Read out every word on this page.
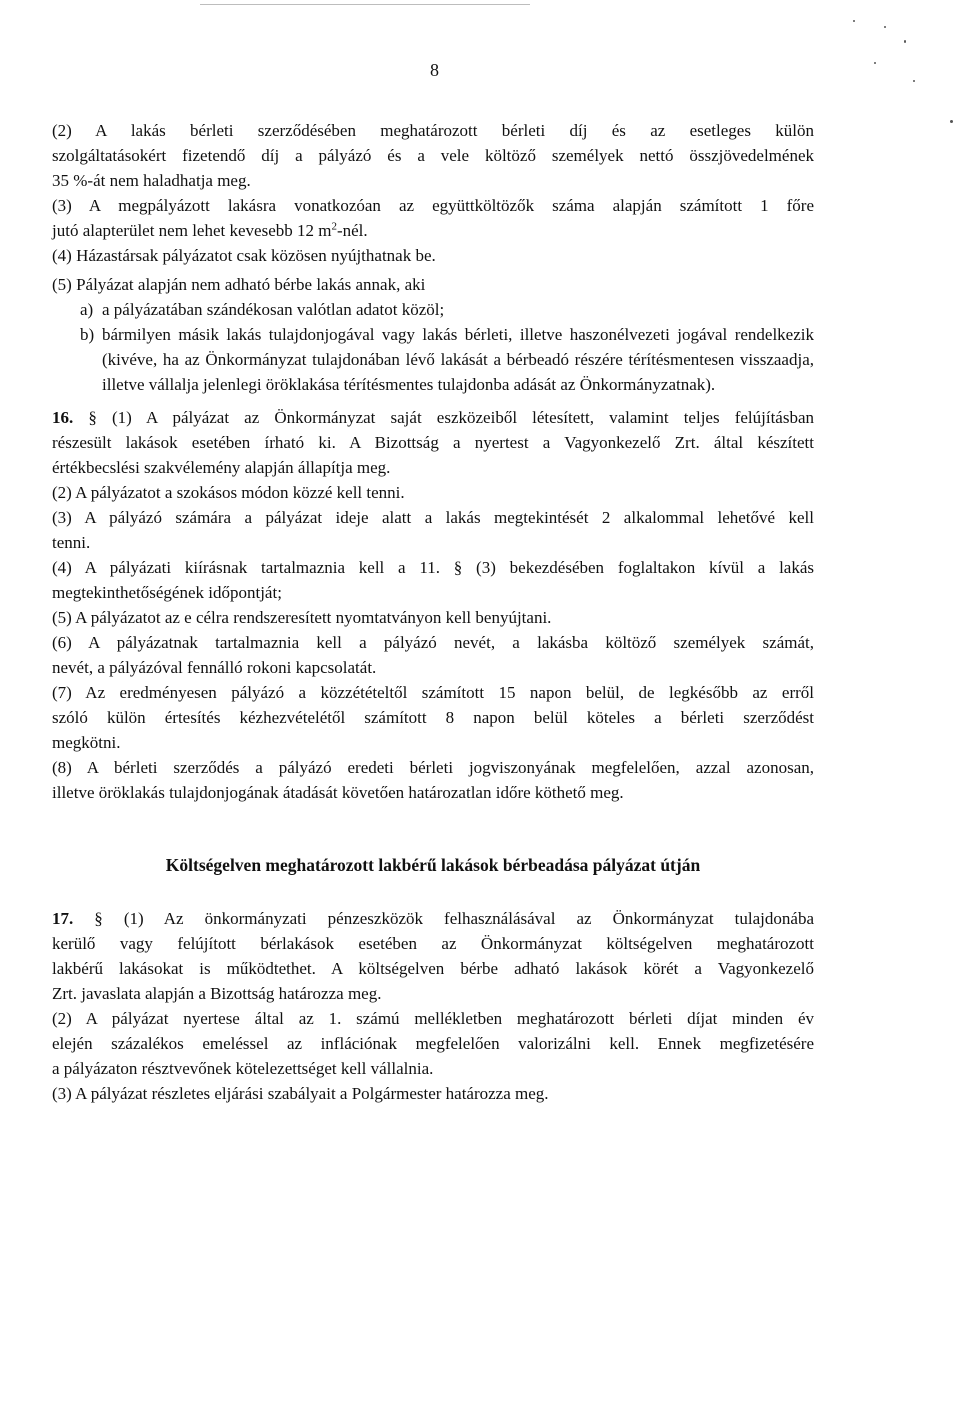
8

(2) A lakás bérleti szerződésében meghatározott bérleti díj és az esetleges külön

szolgáltatásokért fizetendő díj a pályázó és a vele költöző személyek nettó összjövedelmének

35 %-át nem haladhatja meg.

(3) A megpályázott lakásra vonatkozóan az együttköltözők száma alapján számított 1 főre

jutó alapterület nem lehet kevesebb 12 $m^2$-nél.

(4) Házastársak pályázatot csak közösen nyújthatnak be.

(5) Pályázat alapján nem adható bérbe lakás annak, aki

a) a pályázatában szándékosan valótlan adatot közöl;
b) bármilyen másik lakás tulajdonjogával vagy lakás bérleti, illetve haszonélvezeti jogával rendelkezik (kivéve, ha az Önkormányzat tulajdonában lévő lakását a bérbeadó részére térítésmentesen visszaadja, illetve vállalja jelenlegi öröklakása térítésmentes tulajdonba adását az Önkormányzatnak).

16. § (1) A pályázat az Önkormányzat saját eszközeiből létesített, valamint teljes felújításban

részesült lakások esetében írható ki. A Bizottság a nyertest a Vagyonkezelő Zrt. által készített

értékbecslési szakvélemény alapján állapítja meg.

(2) A pályázatot a szokásos módon közzé kell tenni.

(3) A pályázó számára a pályázat ideje alatt a lakás megtekintését 2 alkalommal lehetővé kell

tenni.

(4) A pályázati kiírásnak tartalmaznia kell a 11. § (3) bekezdésében foglaltakon kívül a lakás

megtekinthetőségének időpontját;

(5) A pályázatot az e célra rendszeresített nyomtatványon kell benyújtani.

(6) A pályázatnak tartalmaznia kell a pályázó nevét, a lakásba költöző személyek számát,

nevét, a pályázóval fennálló rokoni kapcsolatát.

(7) Az eredményesen pályázó a közzétételtől számított 15 napon belül, de legkésőbb az erről

szóló külön értesítés kézhezvételétől számított 8 napon belül köteles a bérleti szerződést

megkötni.

(8) A bérleti szerződés a pályázó eredeti bérleti jogviszonyának megfelelően, azzal azonosan,

illetve öröklakás tulajdonjogának átadását követően határozatlan időre köthető meg.

Költségelven meghatározott lakbérű lakások bérbeadása pályázat útján

17. § (1) Az önkormányzati pénzeszközök felhasználásával az Önkormányzat tulajdonába

kerülő vagy felújított bérlakások esetében az Önkormányzat költségelven meghatározott

lakbérű lakásokat is működtethet. A költségelven bérbe adható lakások körét a Vagyonkezelő

Zrt. javaslata alapján a Bizottság határozza meg.

(2) A pályázat nyertese által az 1. számú mellékletben meghatározott bérleti díjat minden év

elején százalékos emeléssel az inflációnak megfelelően valorizálni kell. Ennek megfizetésére

a pályázaton résztvevőnek kötelezettséget kell vállalnia.

(3) A pályázat részletes eljárási szabályait a Polgármester határozza meg.
